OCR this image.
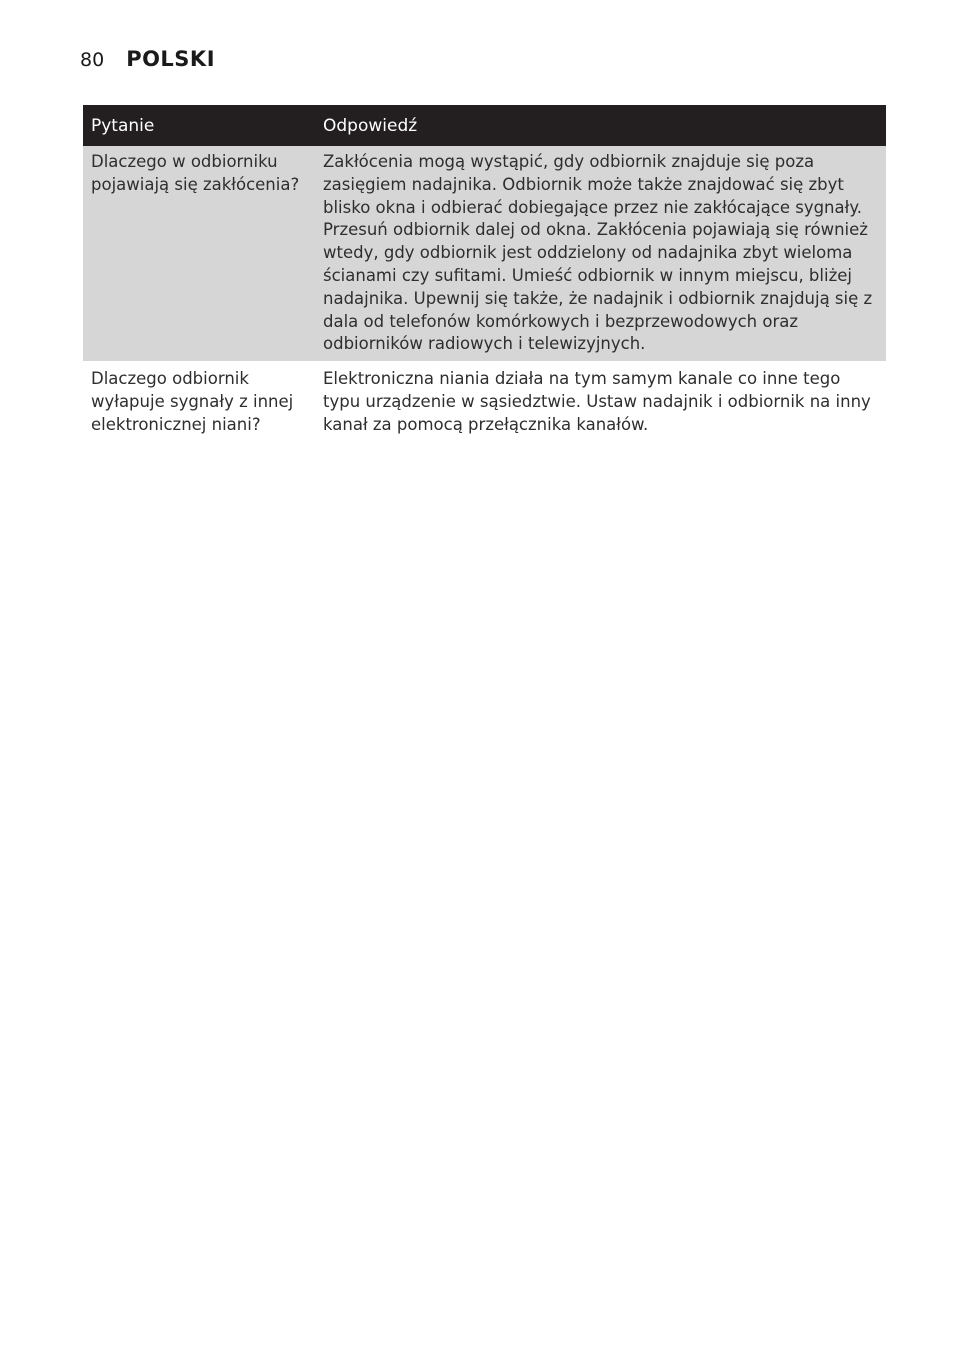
80 POLSKI
Pytanie	Odpowiedź
Dlaczego w odbiorniku pojawiają się zakłócenia?	Zakłócenia mogą wystąpić, gdy odbiornik znajduje się poza zasięgiem nadajnika. Odbiornik może także znajdować się zbyt blisko okna i odbierać dobiegające przez nie zakłócające sygnały. Przesuń odbiornik dalej od okna. Zakłócenia pojawiają się również wtedy, gdy odbiornik jest oddzielony od nadajnika zbyt wieloma ścianami czy sufitami. Umieść odbiornik w innym miejscu, bliżej nadajnika. Upewnij się także, że nadajnik i odbiornik znajdują się z dala od telefonów komórkowych i bezprzewodowych oraz odbiorników radiowych i telewizyjnych.
Dlaczego odbiornik wyłapuje sygnały z innej elektronicznej niani?	Elektroniczna niania działa na tym samym kanale co inne tego typu urządzenie w sąsiedztwie. Ustaw nadajnik i odbiornik na inny kanał za pomocą przełącznika kanałów.
